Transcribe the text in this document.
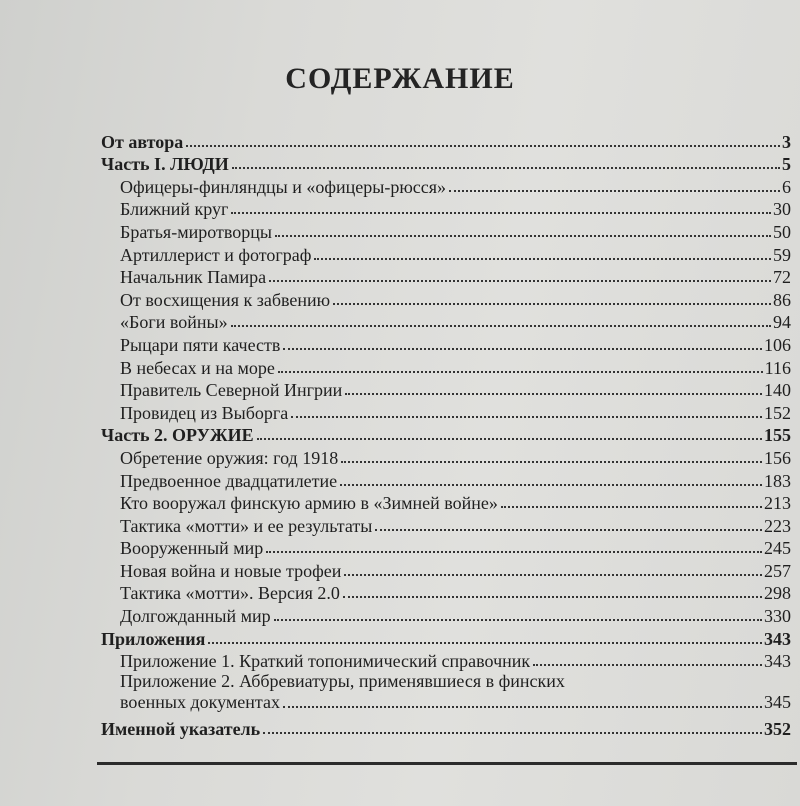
СОДЕРЖАНИЕ
От автора	3
Часть I. ЛЮДИ	5
Офицеры-финляндцы и «офицеры-рюсся»	6
Ближний круг	30
Братья-миротворцы	50
Артиллерист и фотограф	59
Начальник Памира	72
От восхищения к забвению	86
«Боги войны»	94
Рыцари пяти качеств	106
В небесах и на море	116
Правитель Северной Ингрии	140
Провидец из Выборга	152
Часть 2. ОРУЖИЕ	155
Обретение оружия: год 1918	156
Предвоенное двадцатилетие	183
Кто вооружал финскую армию в «Зимней войне»	213
Тактика «мотти» и ее результаты	223
Вооруженный мир	245
Новая война и новые трофеи	257
Тактика «мотти». Версия 2.0	298
Долгожданный мир	330
Приложения	343
Приложение 1. Краткий топонимический справочник	343
Приложение 2. Аббревиатуры, применявшиеся в финских
военных документах	345
Именной указатель	352
